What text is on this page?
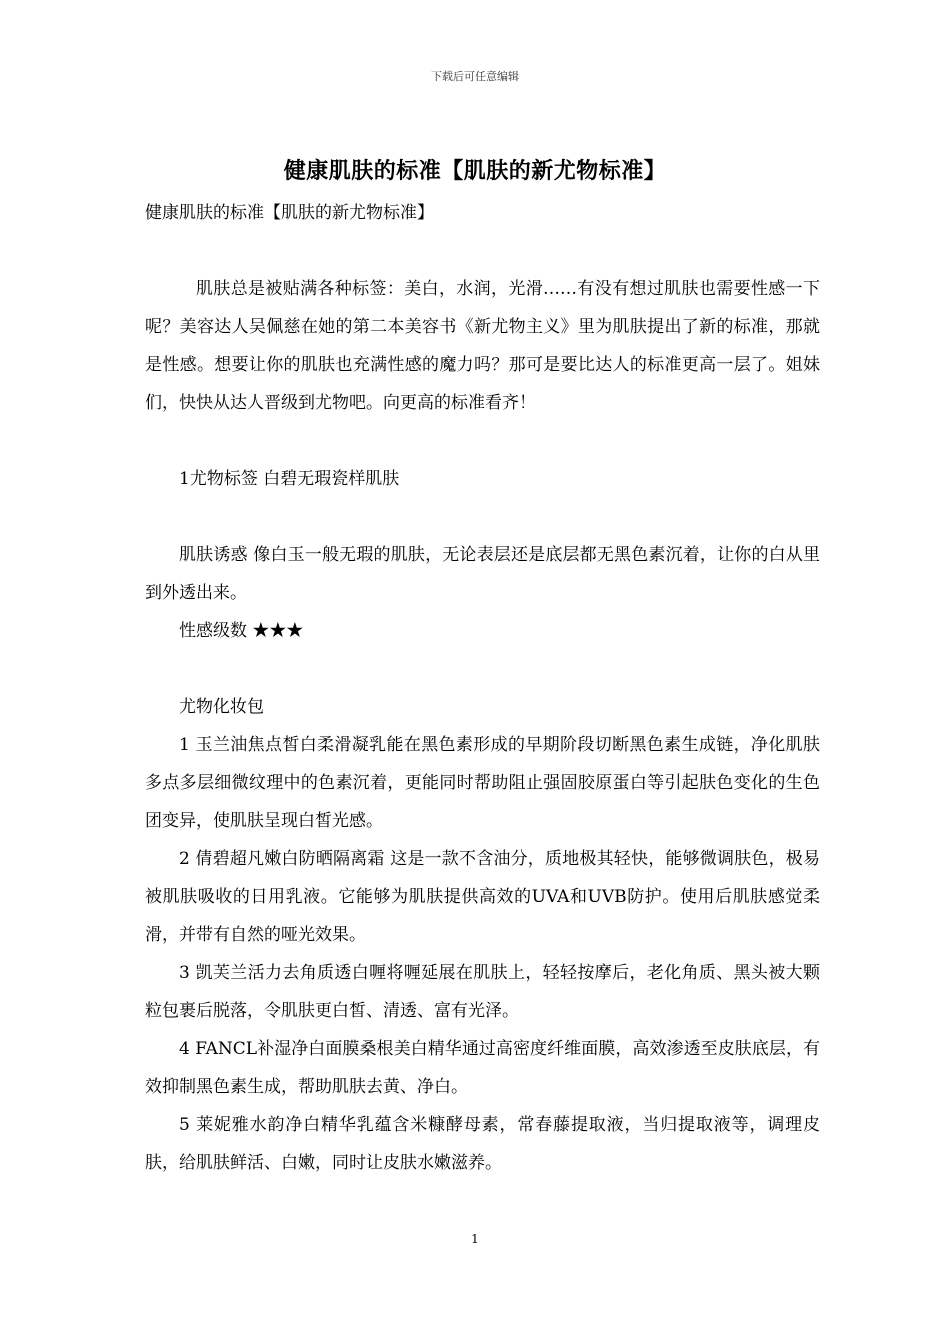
下载后可任意编辑
健康肌肤的标准【肌肤的新尤物标准】

健康肌肤的标准【肌肤的新尤物标准】

肌肤总是被贴满各种标签：美白，水润，光滑……有没有想过肌肤也需要性感一下呢？美容达人吴佩慈在她的第二本美容书《新尤物主义》里为肌肤提出了新的标准，那就是性感。想要让你的肌肤也充满性感的魔力吗？那可是要比达人的标准更高一层了。姐妹们，快快从达人晋级到尤物吧。向更高的标准看齐！

1尤物标签 白碧无瑕瓷样肌肤

肌肤诱惑 像白玉一般无瑕的肌肤，无论表层还是底层都无黑色素沉着，让你的白从里到外透出来。

性感级数 ★★★

尤物化妆包

1 玉兰油焦点皙白柔滑凝乳能在黑色素形成的早期阶段切断黑色素生成链，净化肌肤多点多层细微纹理中的色素沉着，更能同时帮助阻止强固胶原蛋白等引起肤色变化的生色团变异，使肌肤呈现白皙光感。

2 倩碧超凡嫩白防晒隔离霜 这是一款不含油分，质地极其轻快，能够微调肤色，极易被肌肤吸收的日用乳液。它能够为肌肤提供高效的UVA和UVB防护。使用后肌肤感觉柔滑，并带有自然的哑光效果。

3 凯芙兰活力去角质透白喱将喱延展在肌肤上，轻轻按摩后，老化角质、黑头被大颗粒包裹后脱落，令肌肤更白皙、清透、富有光泽。

4 FANCL补湿净白面膜桑根美白精华通过高密度纤维面膜，高效渗透至皮肤底层，有效抑制黑色素生成，帮助肌肤去黄、净白。

5 莱妮雅水韵净白精华乳蕴含米糠酵母素，常春藤提取液，当归提取液等，调理皮肤，给肌肤鲜活、白嫩，同时让皮肤水嫩滋养。

1
